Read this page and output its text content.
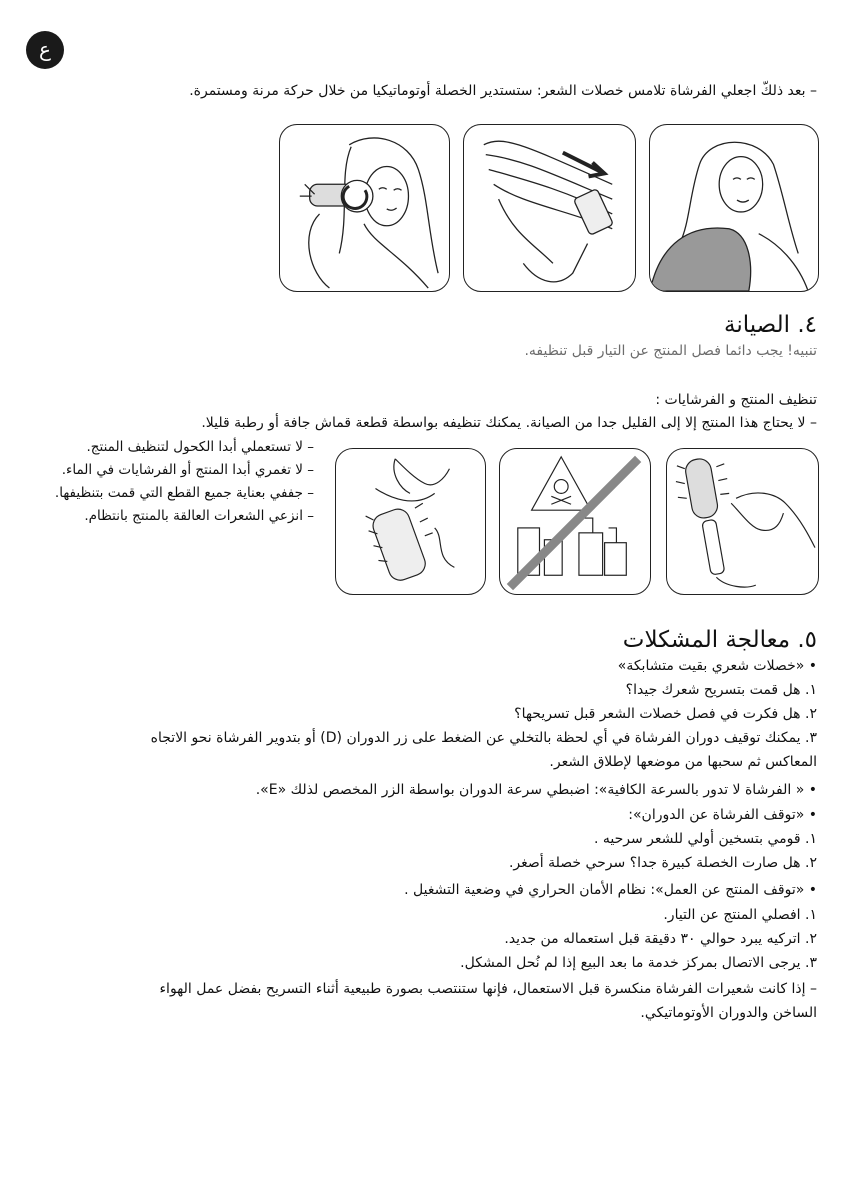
ع
– بعد ذلكّ اجعلي الفرشاة تلامس خصلات الشعر: ستستدير الخصلة أوتوماتيكيا من خلال حركة مرنة ومستمرة.
٤. الصيانة
تنبيه! يجب دائما فصل المنتج عن التيار قبل تنظيفه.
تنظيف المنتج و الفرشايات :
– لا يحتاج هذا المنتج إلا إلى القليل جدا من الصيانة. يمكنك تنظيفه بواسطة قطعة قماش جافة أو رطبة قليلا.
– لا تستعملي أبدا الكحول لتنظيف المنتج.
– لا تغمري أبدا المنتج أو الفرشايات في الماء.
– جففي بعناية جميع القطع التي قمت بتنظيفها.
– انزعي الشعرات العالقة بالمنتج بانتظام.
٥. معالجة المشكلات
• «خصلات شعري بقيت متشابكة»
١. هل قمت بتسريح شعرك جيدا؟
٢. هل فكرت في فصل خصلات الشعر قبل تسريحها؟
٣. يمكنك توقيف دوران الفرشاة في أي لحظة بالتخلي عن الضغط على زر الدوران (D) أو بتدوير الفرشاة نحو الاتجاه
المعاكس ثم سحبها من موضعها لإطلاق الشعر.
• « الفرشاة لا تدور بالسرعة الكافية»: اضبطي سرعة الدوران بواسطة الزر المخصص لذلك «E».
• «توقف الفرشاة عن الدوران»:
١. قومي بتسخين أولي للشعر سرحيه .
٢. هل صارت الخصلة كبيرة جدا؟ سرحي خصلة أصغر.
• «توقف المنتج عن العمل»: نظام الأمان الحراري في وضعية التشغيل .
١. افصلي المنتج عن التيار.
٢. اتركيه يبرد حوالي ٣٠ دقيقة قبل استعماله من جديد.
٣. يرجى الاتصال بمركز خدمة ما بعد البيع إذا لم نُحل المشكل.
– إذا كانت شعيرات الفرشاة منكسرة قبل الاستعمال، فإنها ستنتصب بصورة طبيعية أثناء التسريح بفضل عمل الهواء
الساخن والدوران الأوتوماتيكي.
